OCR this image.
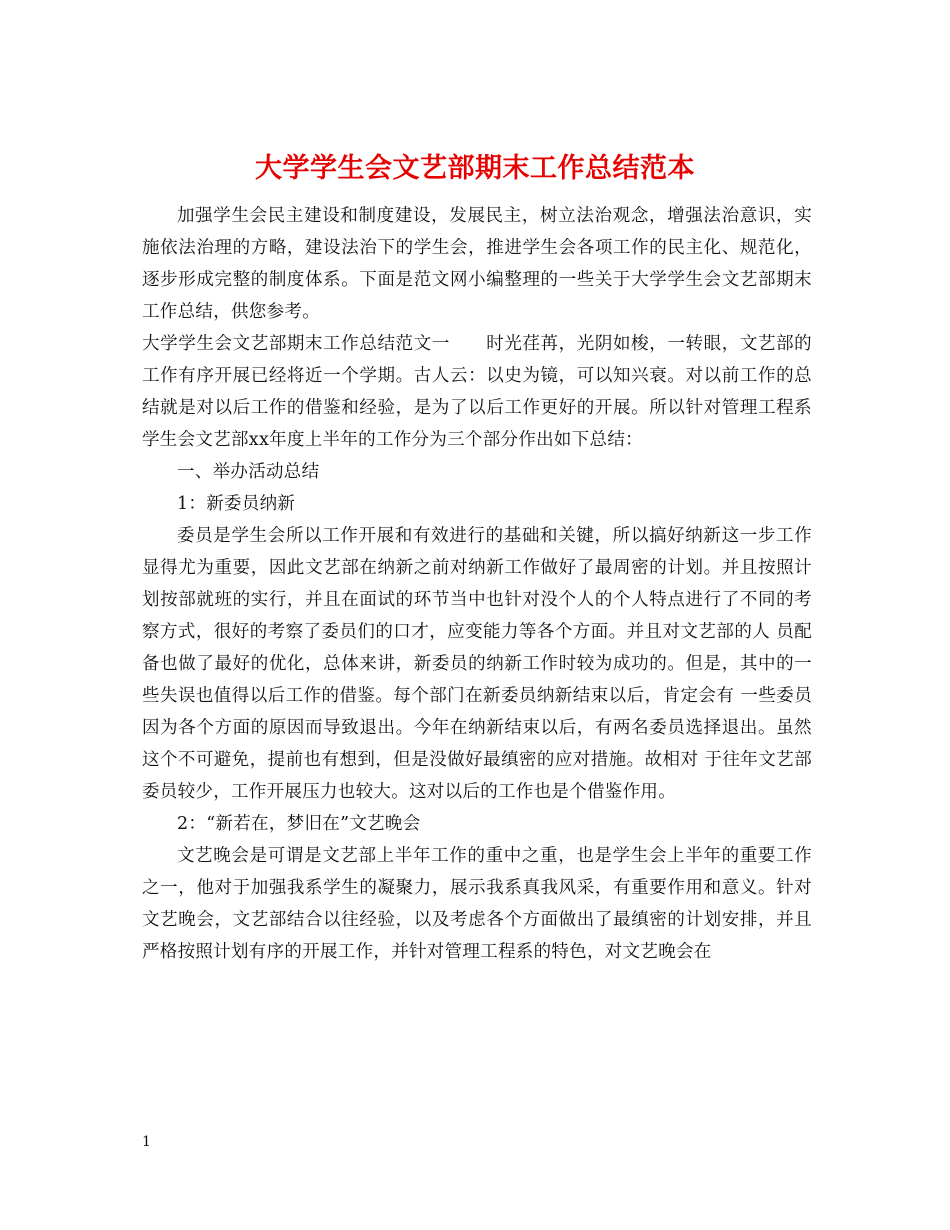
大学学生会文艺部期末工作总结范本

加强学生会民主建设和制度建设，发展民主，树立法治观念，增强法治意识，实施依法治理的方略，建设法治下的学生会，推进学生会各项工作的民主化、规范化，逐步形成完整的制度体系。下面是范文网小编整理的一些关于大学学生会文艺部期末工作总结，供您参考。

大学学生会文艺部期末工作总结范文一　　时光荏苒，光阴如梭，一转眼，文艺部的工作有序开展已经将近一个学期。古人云：以史为镜，可以知兴衰。对以前工作的总结就是对以后工作的借鉴和经验，是为了以后工作更好的开展。所以针对管理工程系学生会文艺部xx年度上半年的工作分为三个部分作出如下总结：

一、举办活动总结

1：新委员纳新

委员是学生会所以工作开展和有效进行的基础和关键，所以搞好纳新这一步工作显得尤为重要，因此文艺部在纳新之前对纳新工作做好了最周密的计划。并且按照计 划按部就班的实行，并且在面试的环节当中也针对没个人的个人特点进行了不同的考察方式，很好的考察了委员们的口才，应变能力等各个方面。并且对文艺部的人 员配备也做了最好的优化，总体来讲，新委员的纳新工作时较为成功的。但是，其中的一些失误也值得以后工作的借鉴。每个部门在新委员纳新结束以后，肯定会有 一些委员因为各个方面的原因而导致退出。今年在纳新结束以后，有两名委员选择退出。虽然这个不可避免，提前也有想到，但是没做好最缜密的应对措施。故相对 于往年文艺部委员较少，工作开展压力也较大。这对以后的工作也是个借鉴作用。

2：“新若在，梦旧在”文艺晚会

文艺晚会是可谓是文艺部上半年工作的重中之重，也是学生会上半年的重要工作之一，他对于加强我系学生的凝聚力，展示我系真我风采，有重要作用和意义。针对 文艺晚会，文艺部结合以往经验，以及考虑各个方面做出了最缜密的计划安排，并且严格按照计划有序的开展工作，并针对管理工程系的特色，对文艺晚会在

1
